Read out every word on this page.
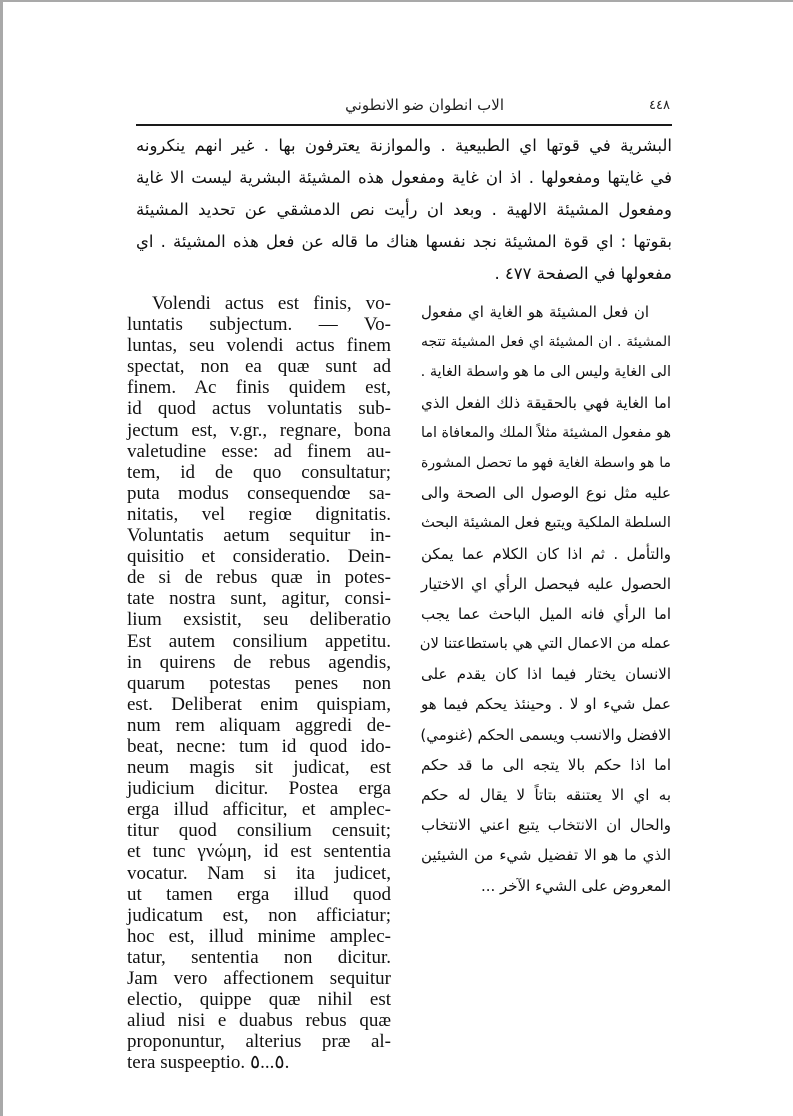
٤٤٨
الاب انطوان ضو الانطوني
البشرية في قوتها اي الطبيعية . والموازنة يعترفون بها . غير انهم ينكرونه
في غايتها ومفعولها . اذ ان غاية ومفعول هذه المشيئة البشرية ليست الا غاية
ومفعول المشيئة الالهية . وبعد ان رأيت نص الدمشقي عن تحديد المشيئة
بقوتها : اي قوة المشيئة نجد نفسها هناك ما قاله عن فعل هذه المشيئة . اي
مفعولها في الصفحة ٤٧٧ .
Volendi actus est finis, vo-
luntatis subjectum. — Vo-
luntas, seu volendi actus finem
spectat, non ea quæ sunt ad
finem. Ac finis quidem est,
id quod actus voluntatis sub-
jectum est, v.gr., regnare, bona
valetudine esse: ad finem au-
tem, id de quo consultatur;
puta modus consequendœ sa-
nitatis, vel regiœ dignitatis.
Voluntatis aetum sequitur in-
quisitio et consideratio. Dein-
de si de rebus quæ in potes-
tate nostra sunt, agitur, consi-
lium exsistit, seu deliberatio
Est autem consilium appetitu.
in quirens de rebus agendis,
quarum potestas penes non
est. Deliberat enim quispiam,
num rem aliquam aggredi de-
beat, necne: tum id quod ido-
neum magis sit judicat, est
judicium dicitur. Postea erga
erga illud afficitur, et amplec-
titur quod consilium censuit;
et tunc γνώμη, id est sententia
vocatur. Nam si ita judicet,
ut tamen erga illud quod
judicatum est, non afficiatur;
hoc est, illud minime amplec-
tatur, sententia non dicitur.
Jam vero affectionem sequitur
electio, quippe quæ nihil est
aliud nisi e duabus rebus quæ
proponuntur, alterius præ al-
tera suspeeptio. ٥...٥.
ان فعل المشيئة هو الغاية اي مفعول
المشيئة . ان المشيئة اي فعل المشيئة تتجه
الى الغاية وليس الى ما هو واسطة الغاية .
اما الغاية فهي بالحقيقة ذلك الفعل الذي
هو مفعول المشيئة مثلاً الملك والمعافاة اما
ما هو واسطة الغاية فهو ما تحصل المشورة
عليه مثل نوع الوصول الى الصحة والى
السلطة الملكية ويتبع فعل المشيئة البحث
والتأمل . ثم اذا كان الكلام عما يمكن
الحصول عليه فيحصل الرأي اي الاختيار
اما الرأي فانه الميل الباحث عما يجب
عمله من الاعمال التي هي باستطاعتنا لان
الانسان يختار فيما اذا كان يقدم على
عمل شيء او لا . وحينئذ يحكم فيما هو
الافضل والانسب ويسمى الحكم (غنومي)
اما اذا حكم بالا يتجه الى ما قد حكم
به اي الا يعتنقه بتاتاً لا يقال له حكم
والحال ان الانتخاب يتبع اعني الانتخاب
الذي ما هو الا تفضيل شيء من الشيئين
المعروض على الشيء الآخر ...
